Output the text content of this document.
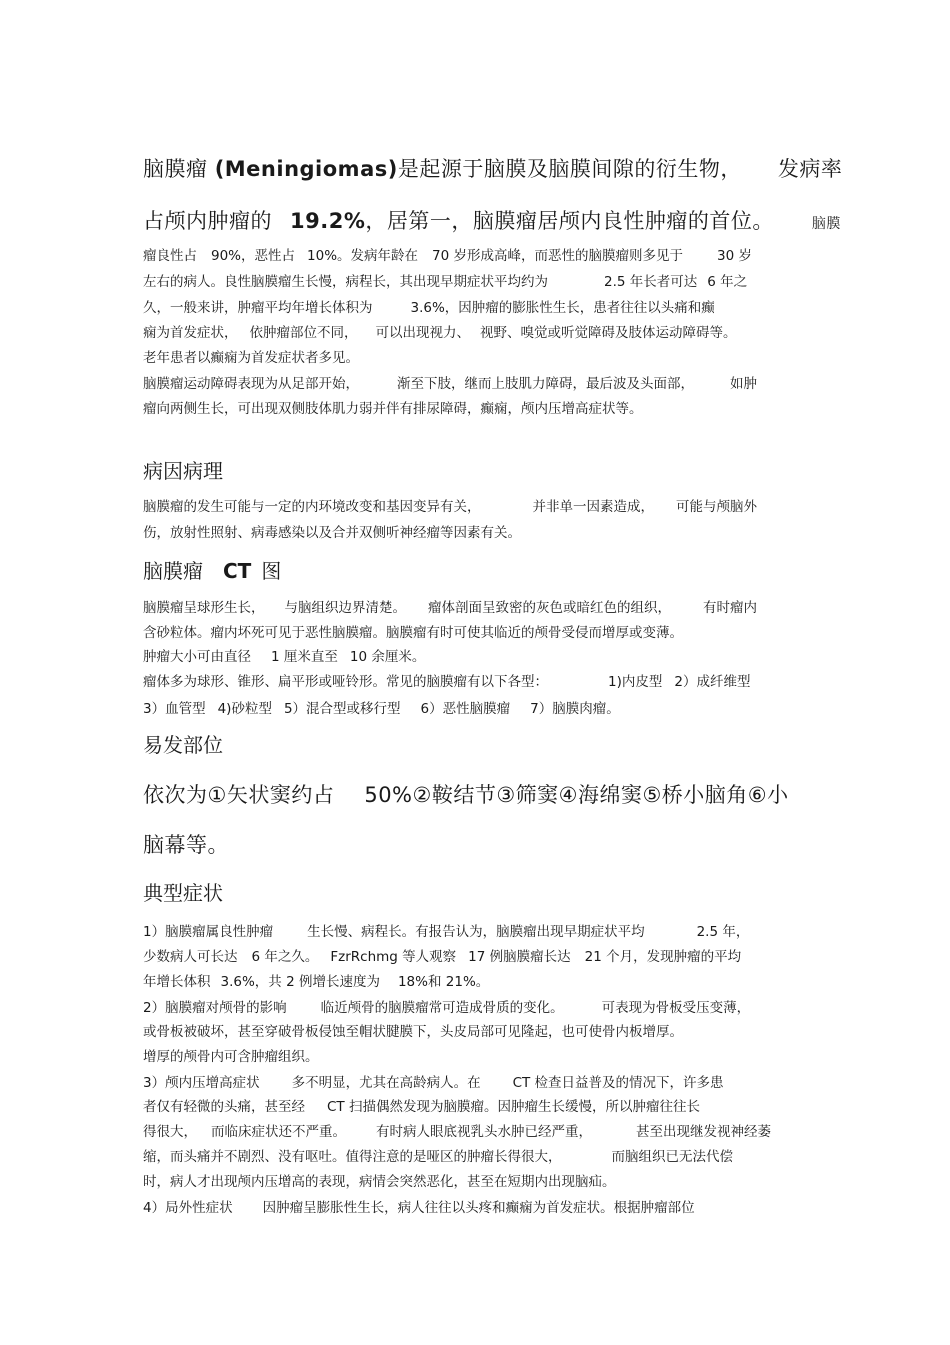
脑膜瘤 (Meningiomas)是起源于脑膜及脑膜间隙的衍生物， 发病率
占颅内肿瘤的 19.2%，居第一，脑膜瘤居颅内良性肿瘤的首位。	脑膜
瘤良性占 90%，恶性占 10%。发病年龄在 70 岁形成高峰，而恶性的脑膜瘤则多见于	30 岁
左右的病人。良性脑膜瘤生长慢，病程长，其出现早期症状平均约为	2.5 年长者可达 6 年之
久，一般来讲，肿瘤平均年增长体积为	3.6%，因肿瘤的膨胀性生长，患者往往以头痛和癫
痫为首发症状， 依肿瘤部位不同， 可以出现视力、 视野、嗅觉或听觉障碍及肢体运动障碍等。
老年患者以癫痫为首发症状者多见。
脑膜瘤运动障碍表现为从足部开始，	渐至下肢，继而上肢肌力障碍，最后波及头面部，	如肿
瘤向两侧生长，可出现双侧肢体肌力弱并伴有排尿障碍，癫痫，颅内压增高症状等。
病因病理
脑膜瘤的发生可能与一定的内环境改变和基因变异有关，	并非单一因素造成， 可能与颅脑外
伤，放射性照射、病毒感染以及合并双侧听神经瘤等因素有关。
脑膜瘤 CT 图
脑膜瘤呈球形生长， 与脑组织边界清楚。 瘤体剖面呈致密的灰色或暗红色的组织， 有时瘤内
含砂粒体。瘤内坏死可见于恶性脑膜瘤。脑膜瘤有时可使其临近的颅骨受侵而增厚或变薄。
肿瘤大小可由直径 1 厘米直至 10 余厘米。
瘤体多为球形、锥形、扁平形或哑铃形。常见的脑膜瘤有以下各型：	1)内皮型 2）成纤维型
3）血管型 4)砂粒型 5）混合型或移行型 6）恶性脑膜瘤 7）脑膜肉瘤。
易发部位
依次为①矢状窦约占 50%②鞍结节③筛窦④海绵窦⑤桥小脑角⑥小
脑幕等。
典型症状
1）脑膜瘤属良性肿瘤	生长慢、病程长。有报告认为，脑膜瘤出现早期症状平均	2.5 年，
少数病人可长达 6 年之久。 FzrRchmg 等人观察 17 例脑膜瘤长达 21 个月，发现肿瘤的平均
年增长体积 3.6%，共 2 例增长速度为 18%和 21%。
2）脑膜瘤对颅骨的影响	临近颅骨的脑膜瘤常可造成骨质的变化。	可表现为骨板受压变薄，
或骨板被破坏，甚至穿破骨板侵蚀至帽状腱膜下，头皮局部可见隆起，也可使骨内板增厚。
增厚的颅骨内可含肿瘤组织。
3）颅内压增高症状 多不明显，尤其在高龄病人。在 CT 检查日益普及的情况下，许多患
者仅有轻微的头痛，甚至经 CT 扫描偶然发现为脑膜瘤。因肿瘤生长缓慢，所以肿瘤往往长
得很大， 而临床症状还不严重。 有时病人眼底视乳头水肿已经严重，	甚至出现继发视神经萎
缩，而头痛并不剧烈、没有呕吐。值得注意的是哑区的肿瘤长得很大，	而脑组织已无法代偿
时，病人才出现颅内压增高的表现，病情会突然恶化，甚至在短期内出现脑疝。
4）局外性症状 因肿瘤呈膨胀性生长，病人往往以头疼和癫痫为首发症状。根据肿瘤部位
